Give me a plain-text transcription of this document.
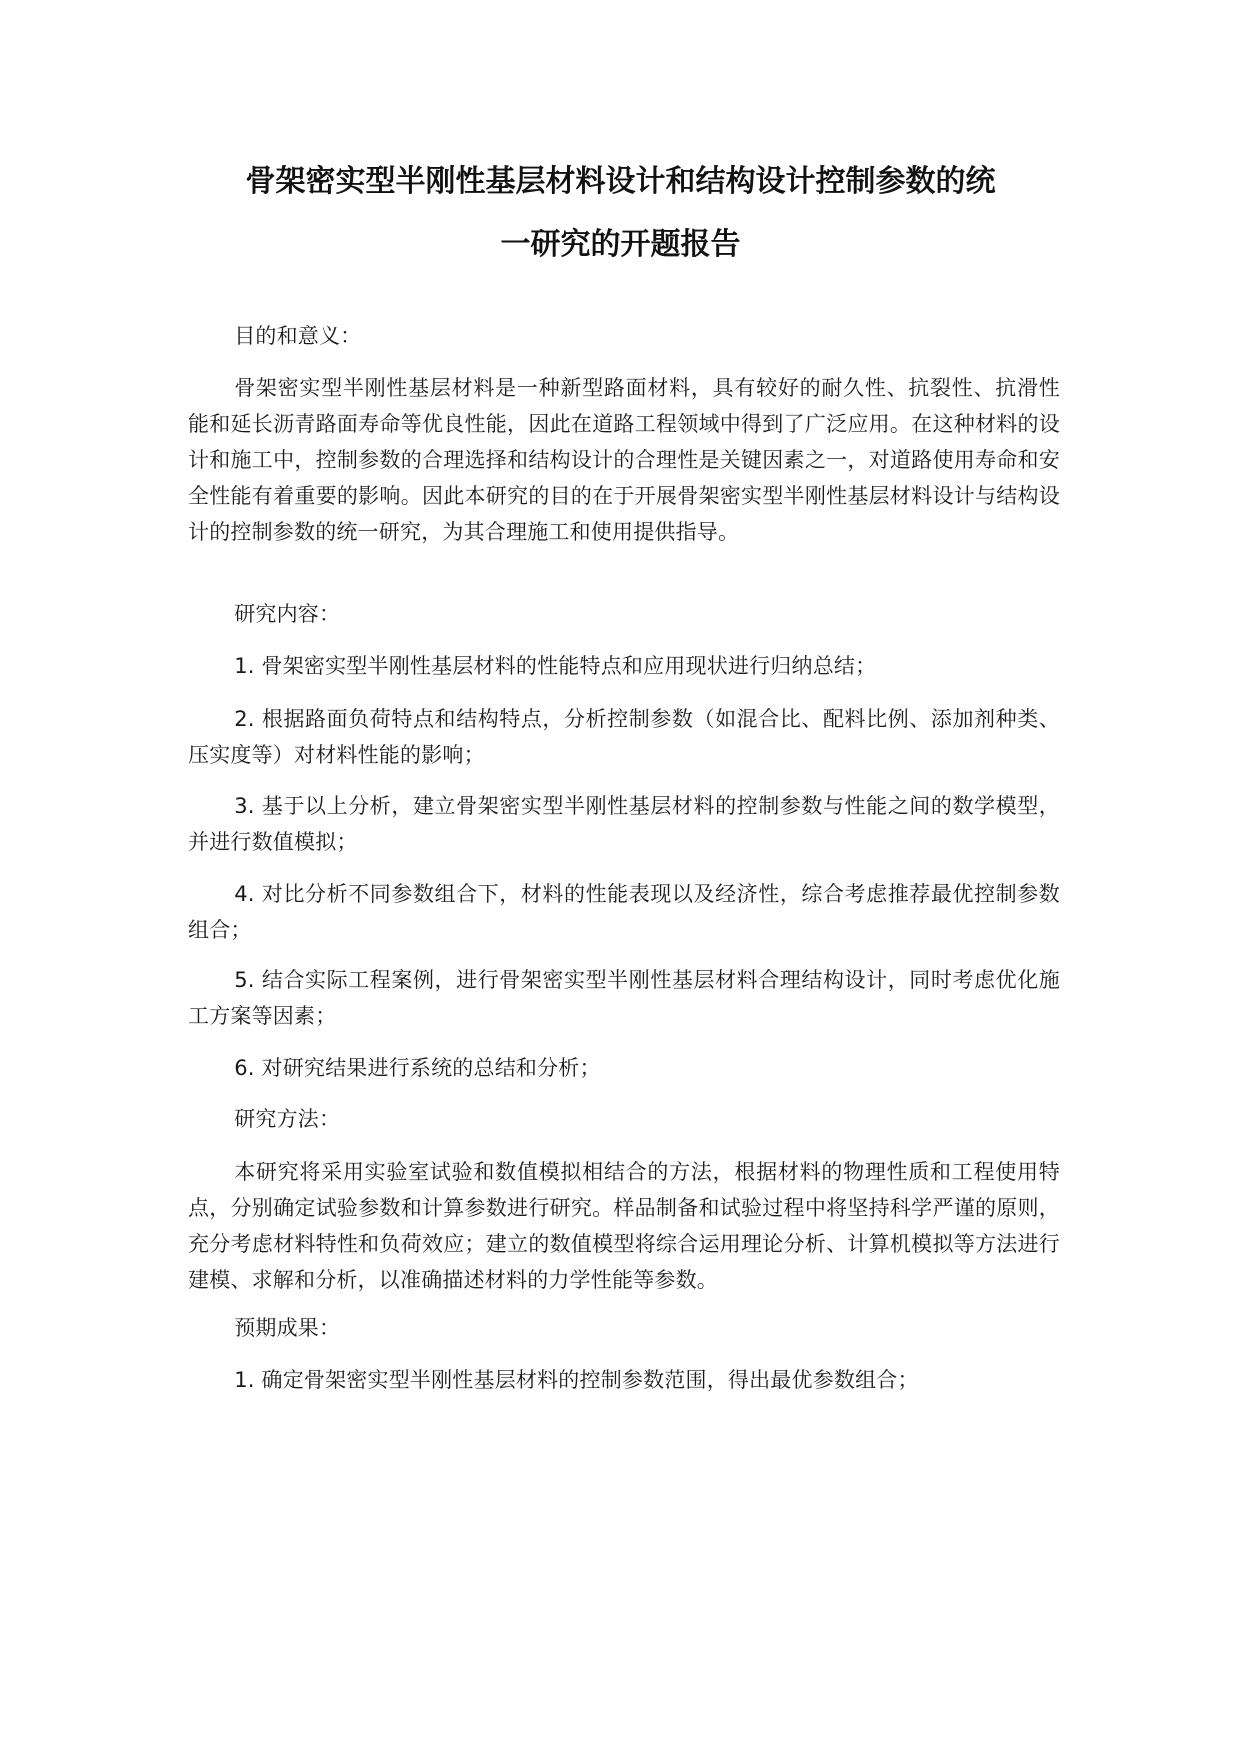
骨架密实型半刚性基层材料设计和结构设计控制参数的统
一研究的开题报告

目的和意义：

骨架密实型半刚性基层材料是一种新型路面材料，具有较好的耐久性、抗裂性、抗滑性能和延长沥青路面寿命等优良性能，因此在道路工程领域中得到了广泛应用。在这种材料的设计和施工中，控制参数的合理选择和结构设计的合理性是关键因素之一，对道路使用寿命和安全性能有着重要的影响。因此本研究的目的在于开展骨架密实型半刚性基层材料设计与结构设计的控制参数的统一研究，为其合理施工和使用提供指导。

研究内容：

1. 骨架密实型半刚性基层材料的性能特点和应用现状进行归纳总结；

2. 根据路面负荷特点和结构特点，分析控制参数（如混合比、配料比例、添加剂种类、压实度等）对材料性能的影响；

3. 基于以上分析，建立骨架密实型半刚性基层材料的控制参数与性能之间的数学模型，并进行数值模拟；

4. 对比分析不同参数组合下，材料的性能表现以及经济性，综合考虑推荐最优控制参数组合；

5. 结合实际工程案例，进行骨架密实型半刚性基层材料合理结构设计，同时考虑优化施工方案等因素；

6. 对研究结果进行系统的总结和分析；

研究方法：

本研究将采用实验室试验和数值模拟相结合的方法，根据材料的物理性质和工程使用特点，分别确定试验参数和计算参数进行研究。样品制备和试验过程中将坚持科学严谨的原则，充分考虑材料特性和负荷效应；建立的数值模型将综合运用理论分析、计算机模拟等方法进行建模、求解和分析，以准确描述材料的力学性能等参数。

预期成果：

1. 确定骨架密实型半刚性基层材料的控制参数范围，得出最优参数组合；
